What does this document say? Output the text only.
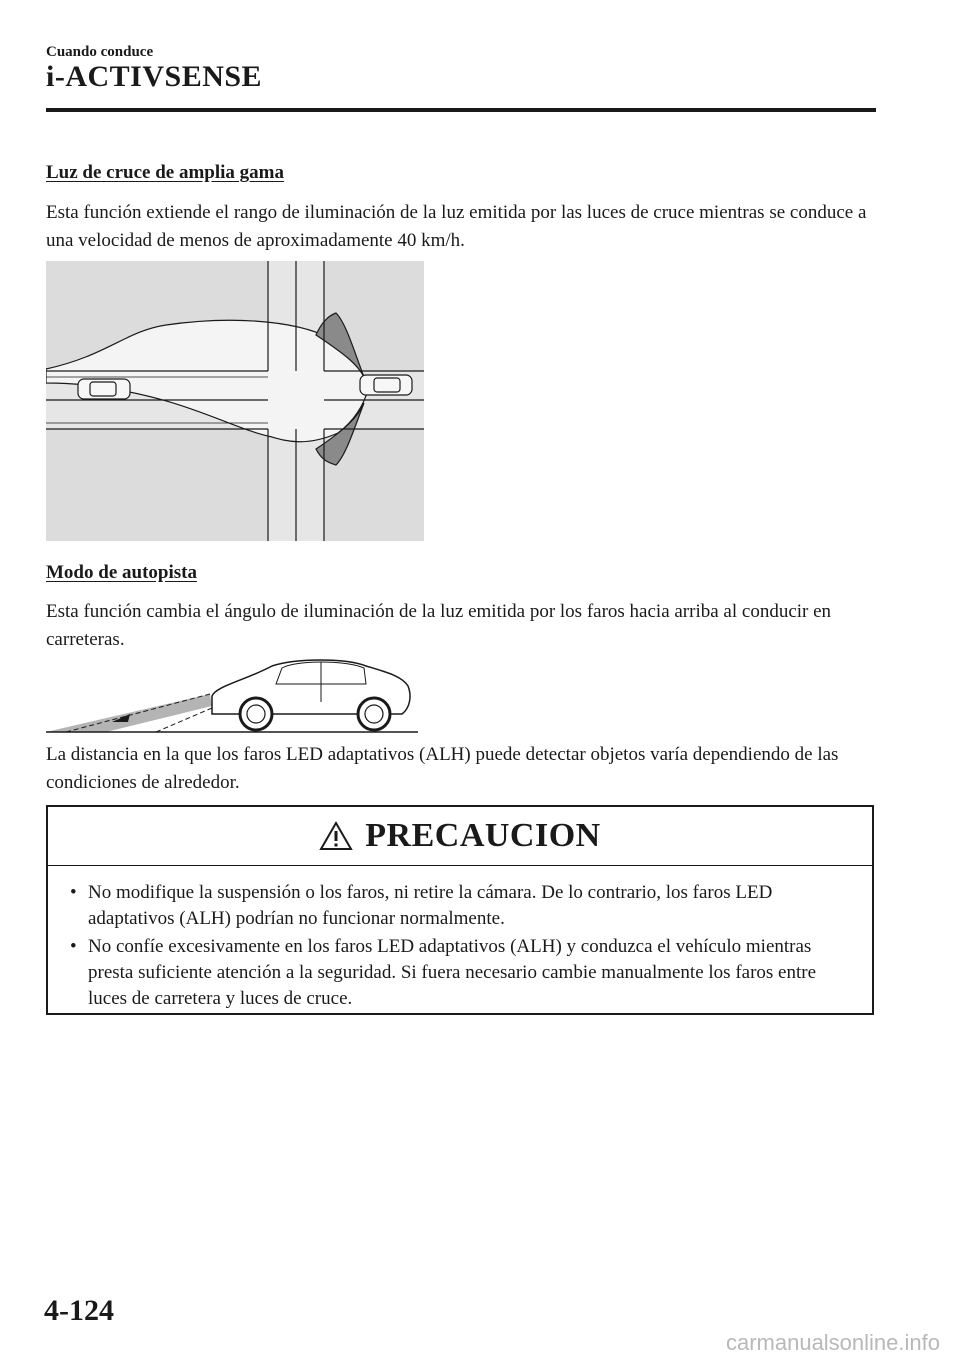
Cuando conduce
i-ACTIVSENSE
Luz de cruce de amplia gama

Esta función extiende el rango de iluminación de la luz emitida por las luces de cruce mientras se conduce a una velocidad de menos de aproximadamente 40 km/h.

Modo de autopista

Esta función cambia el ángulo de iluminación de la luz emitida por los faros hacia arriba al conducir en carreteras.

La distancia en la que los faros LED adaptativos (ALH) puede detectar objetos varía dependiendo de las condiciones de alrededor.

PRECAUCION
• No modifique la suspensión o los faros, ni retire la cámara. De lo contrario, los faros LED adaptativos (ALH) podrían no funcionar normalmente.
• No confíe excesivamente en los faros LED adaptativos (ALH) y conduzca el vehículo mientras presta suficiente atención a la seguridad. Si fuera necesario cambie manualmente los faros entre luces de carretera y luces de cruce.
4-124
carmanualsonline.info
